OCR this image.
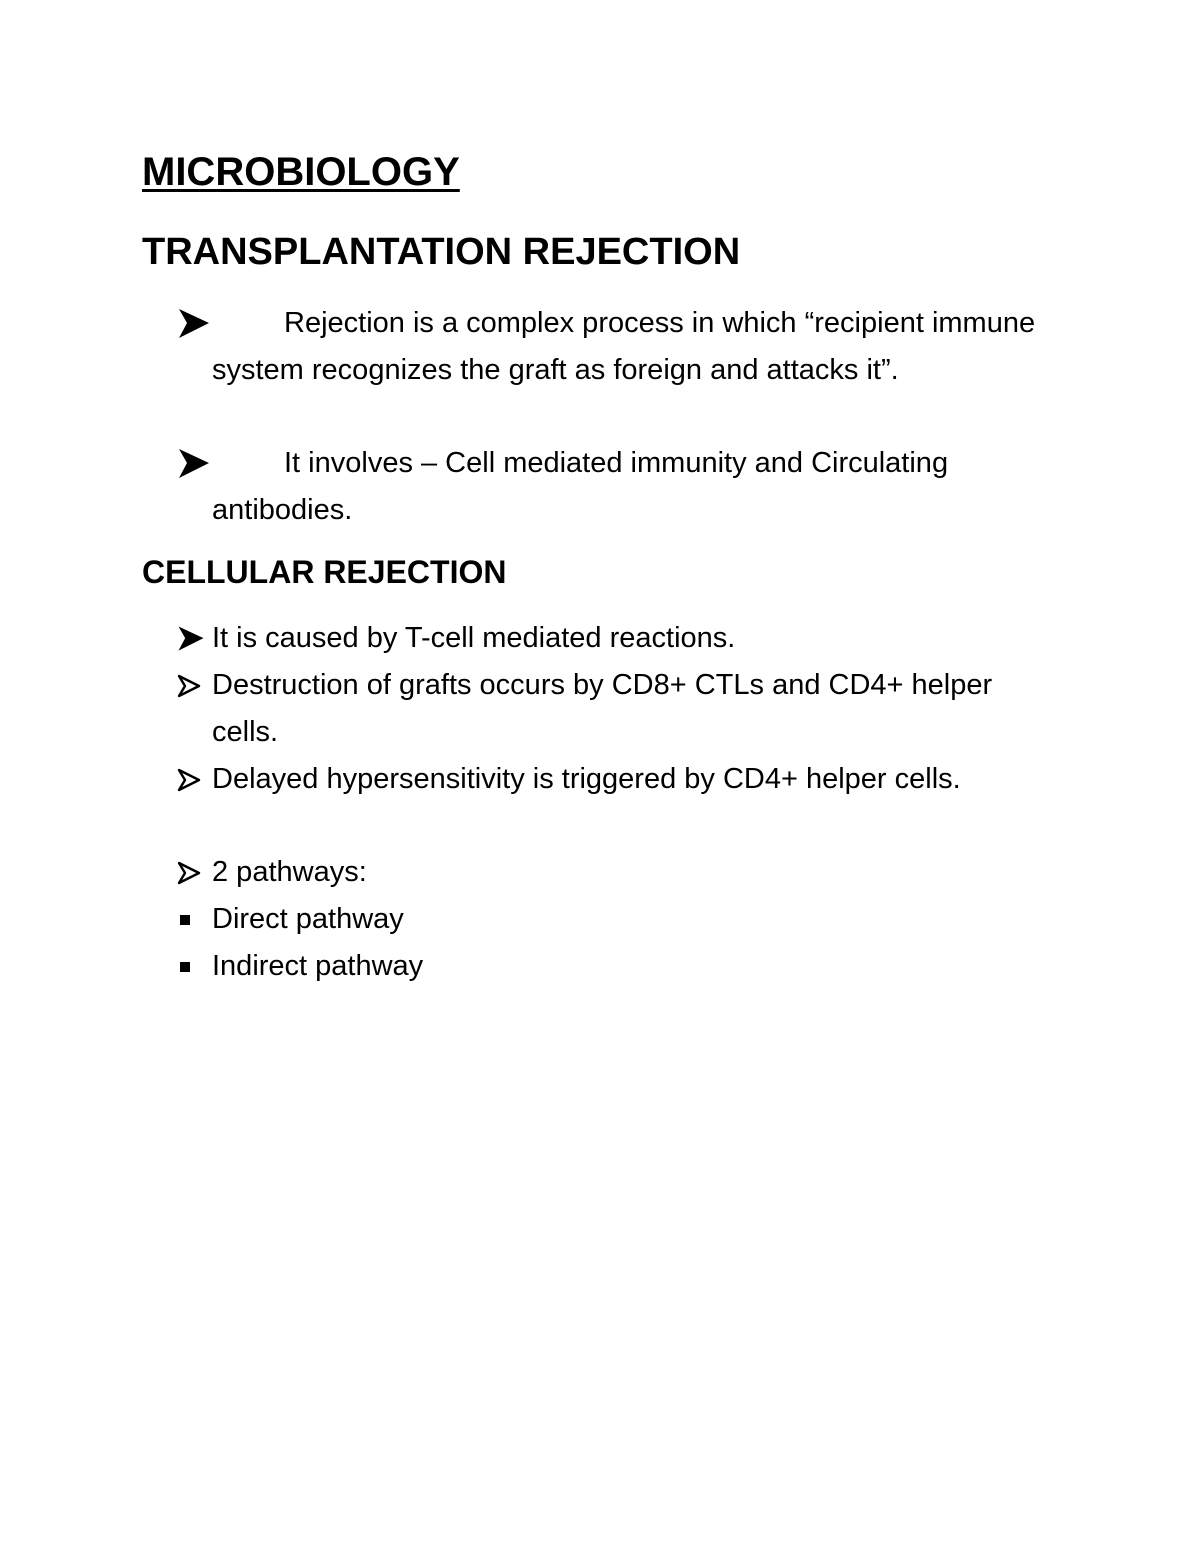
MICROBIOLOGY
TRANSPLANTATION REJECTION

Rejection is a complex process in which “recipient immune system recognizes the graft as foreign and attacks it”.

It involves – Cell mediated immunity and Circulating antibodies.

CELLULAR REJECTION

It is caused by T-cell mediated reactions.

Destruction of grafts occurs by CD8+ CTLs and CD4+ helper cells.

Delayed hypersensitivity is triggered by CD4+ helper cells.

2 pathways:

Direct pathway

Indirect pathway
